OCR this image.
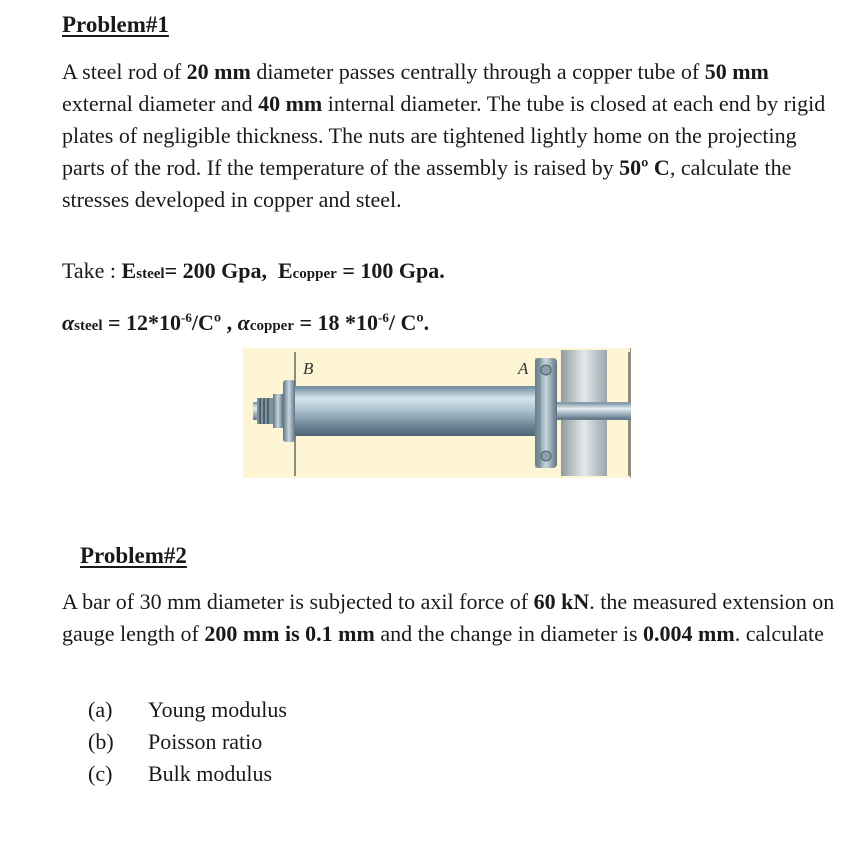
Problem#1
A steel rod of 20 mm diameter passes centrally through a copper tube of 50 mm external diameter and 40 mm internal diameter. The tube is closed at each end by rigid plates of negligible thickness. The nuts are tightened lightly home on the projecting parts of the rod. If the temperature of the assembly is raised by 50º C, calculate the stresses developed in copper and steel.
Take : Esteel= 200 Gpa, Ecopper = 100 Gpa.
αsteel = $12*10^{-6}/Cº$ , αcopper = 18 $*10^{-6}/$ Cº.
B	A
Problem#2
A bar of 30 mm diameter is subjected to axil force of 60 kN. the measured extension on gauge length of 200 mm is 0.1 mm and the change in diameter is 0.004 mm. calculate
(a) Young modulus
(b) Poisson ratio
(c) Bulk modulus
